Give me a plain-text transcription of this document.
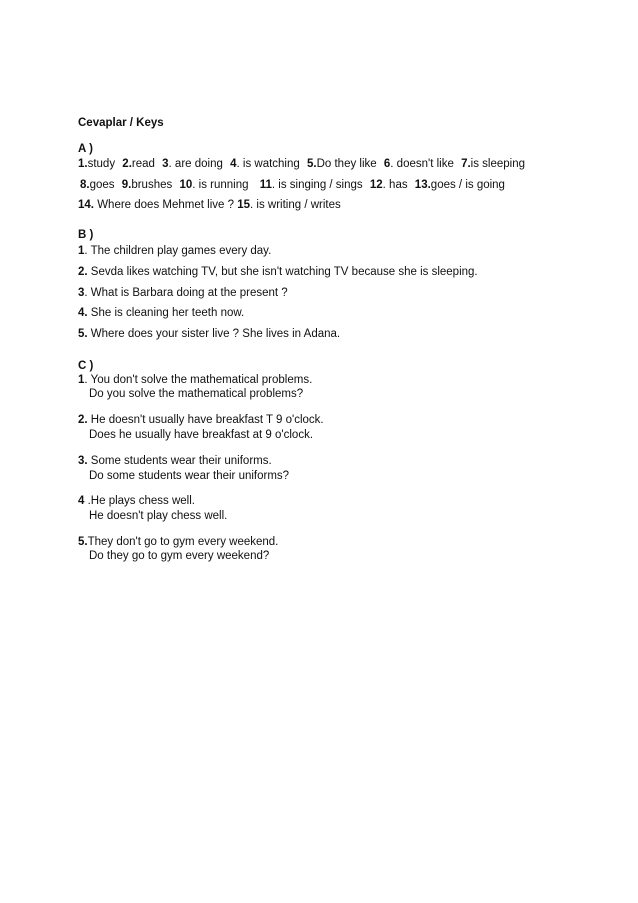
Cevaplar / Keys
A )
1.study 2.read 3. are doing 4. is watching 5.Do they like 6. doesn't like 7.is sleeping
8.goes 9.brushes 10. is running 11. is singing / sings 12. has 13.goes / is going
14. Where does Mehmet live ? 15. is writing / writes
B )
1. The children play games every day.
2. Sevda likes watching TV, but she isn't watching TV because she is sleeping.
3. What is Barbara doing at the present ?
4. She is cleaning her teeth now.
5. Where does your sister live ? She lives in Adana.
C )
1. You don't solve the mathematical problems.
Do you solve the mathematical problems?
2. He doesn't usually have breakfast T 9 o'clock.
Does he usually have breakfast at 9 o'clock.
3. Some students wear their uniforms.
Do some students wear their uniforms?
4 .He plays chess well.
He doesn't play chess well.
5.They don't go to gym every weekend.
Do they go to gym every weekend?
